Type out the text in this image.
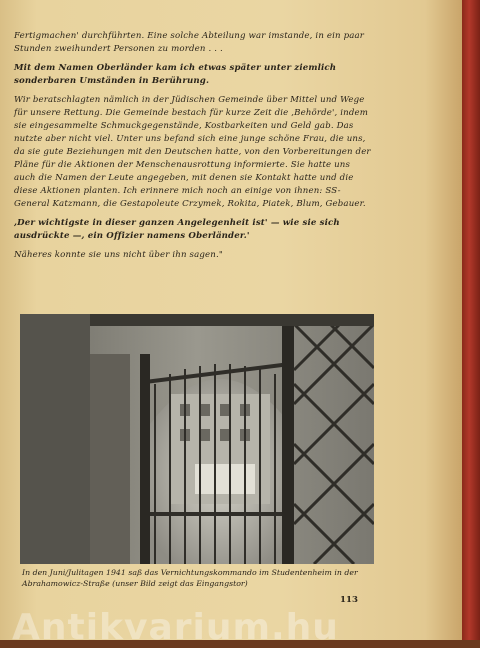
Fertigmachen' durchführten. Eine solche Abteilung war imstande, in ein paar Stunden zweihundert Personen zu morden . . .

Mit dem Namen Oberländer kam ich etwas später unter ziemlich sonderbaren Umständen in Berührung.

Wir beratschlagten nämlich in der Jüdischen Gemeinde über Mittel und Wege für unsere Rettung. Die Gemeinde bestach für kurze Zeit die ,Behörde', indem sie eingesammelte Schmuckgegenstände, Kostbarkeiten und Geld gab. Das nutzte aber nicht viel. Unter uns befand sich eine junge schöne Frau, die uns, da sie gute Beziehungen mit den Deutschen hatte, von den Vorbereitungen der Pläne für die Aktionen der Menschenausrottung informierte. Sie hatte uns auch die Namen der Leute angegeben, mit denen sie Kontakt hatte und die diese Aktionen planten. Ich erinnere mich noch an einige von ihnen: SS-General Katzmann, die Gestapoleute Crzymek, Rokita, Piatek, Blum, Gebauer.

,Der wichtigste in dieser ganzen Angelegenheit ist' — wie sie sich ausdrückte —, ein Offizier namens Oberländer.'

Näheres konnte sie uns nicht über ihn sagen."

In den Juni/Julitagen 1941 saß das Vernichtungskommando im Studentenheim in der Abrahamowicz-Straße (unser Bild zeigt das Eingangstor)
113
Antikvarium.hu
